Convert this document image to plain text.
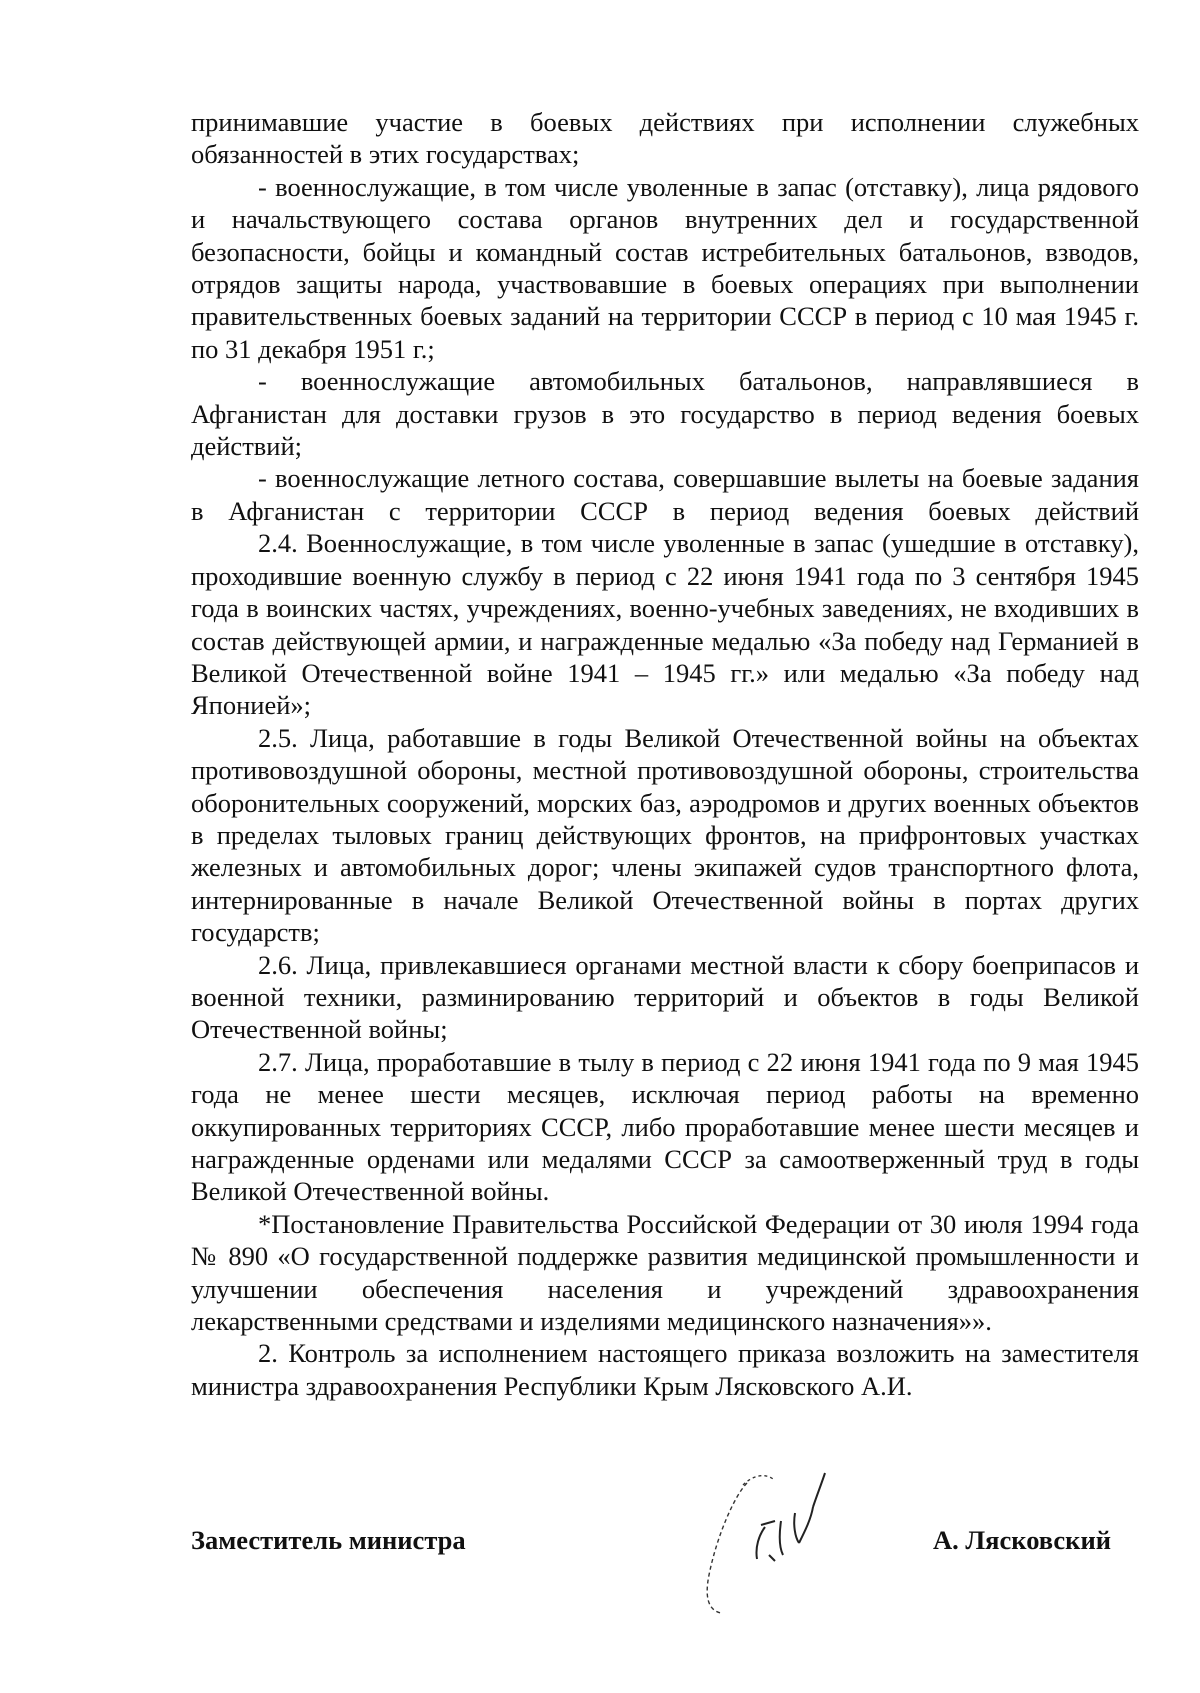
принимавшие участие в боевых действиях при исполнении служебных обязанностей в этих государствах;

- военнослужащие, в том числе уволенные в запас (отставку), лица рядового и начальствующего состава органов внутренних дел и государственной безопасности, бойцы и командный состав истребительных батальонов, взводов, отрядов защиты народа, участвовавшие в боевых операциях при выполнении правительственных боевых заданий на территории СССР в период с 10 мая 1945 г. по 31 декабря 1951 г.;

- военнослужащие автомобильных батальонов, направлявшиеся в Афганистан для доставки грузов в это государство в период ведения боевых действий;

- военнослужащие летного состава, совершавшие вылеты на боевые задания в Афганистан с территории СССР в период ведения боевых действий

2.4. Военнослужащие, в том числе уволенные в запас (ушедшие в отставку), проходившие военную службу в период с 22 июня 1941 года по 3 сентября 1945 года в воинских частях, учреждениях, военно-учебных заведениях, не входивших в состав действующей армии, и награжденные медалью «За победу над Германией в Великой Отечественной войне 1941 – 1945 гг.» или медалью «За победу над Японией»;

2.5. Лица, работавшие в годы Великой Отечественной войны на объектах противовоздушной обороны, местной противовоздушной обороны, строительства оборонительных сооружений, морских баз, аэродромов и других военных объектов в пределах тыловых границ действующих фронтов, на прифронтовых участках железных и автомобильных дорог; члены экипажей судов транспортного флота, интернированные в начале Великой Отечественной войны в портах других государств;

2.6. Лица, привлекавшиеся органами местной власти к сбору боеприпасов и военной техники, разминированию территорий и объектов в годы Великой Отечественной войны;

2.7. Лица, проработавшие в тылу в период с 22 июня 1941 года по 9 мая 1945 года не менее шести месяцев, исключая период работы на временно оккупированных территориях СССР, либо проработавшие менее шести месяцев и награжденные орденами или медалями СССР за самоотверженный труд в годы Великой Отечественной войны.

*Постановление Правительства Российской Федерации от 30 июля 1994 года № 890 «О государственной поддержке развития медицинской промышленности и улучшении обеспечения населения и учреждений здравоохранения лекарственными средствами и изделиями медицинского назначения»».

2. Контроль за исполнением настоящего приказа возложить на заместителя министра здравоохранения Республики Крым Лясковского А.И.

Заместитель министра	А. Лясковский
